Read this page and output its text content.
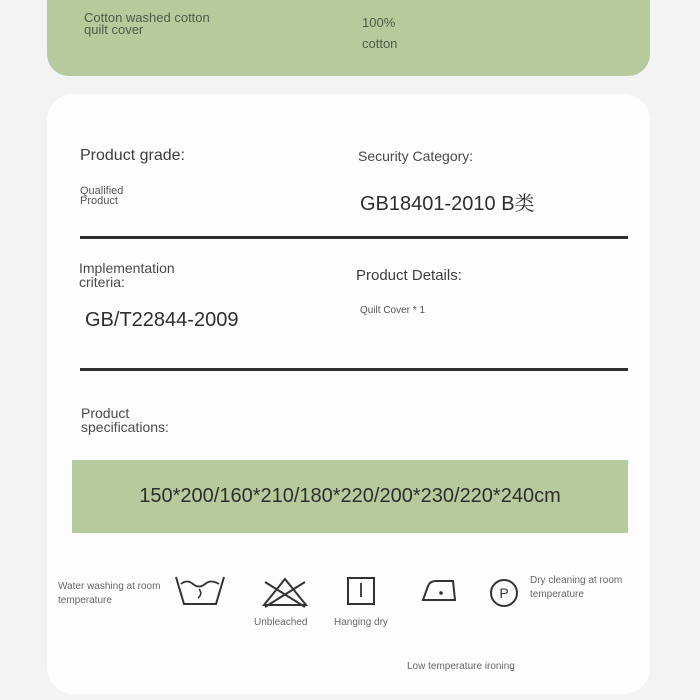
Cotton washed cotton quilt cover	100%
cotton
Product grade:
Qualified Product
Security Category:
GB18401-2010 B类
Implementation criteria:
GB/T22844-2009
Product Details:
Quilt Cover * 1
Product specifications:
150*200/160*210/180*220/200*230/220*240cm
Water washing at room temperature
Unbleached	Hanging dry
Low temperature ironing
P
Dry cleaning at room temperature
